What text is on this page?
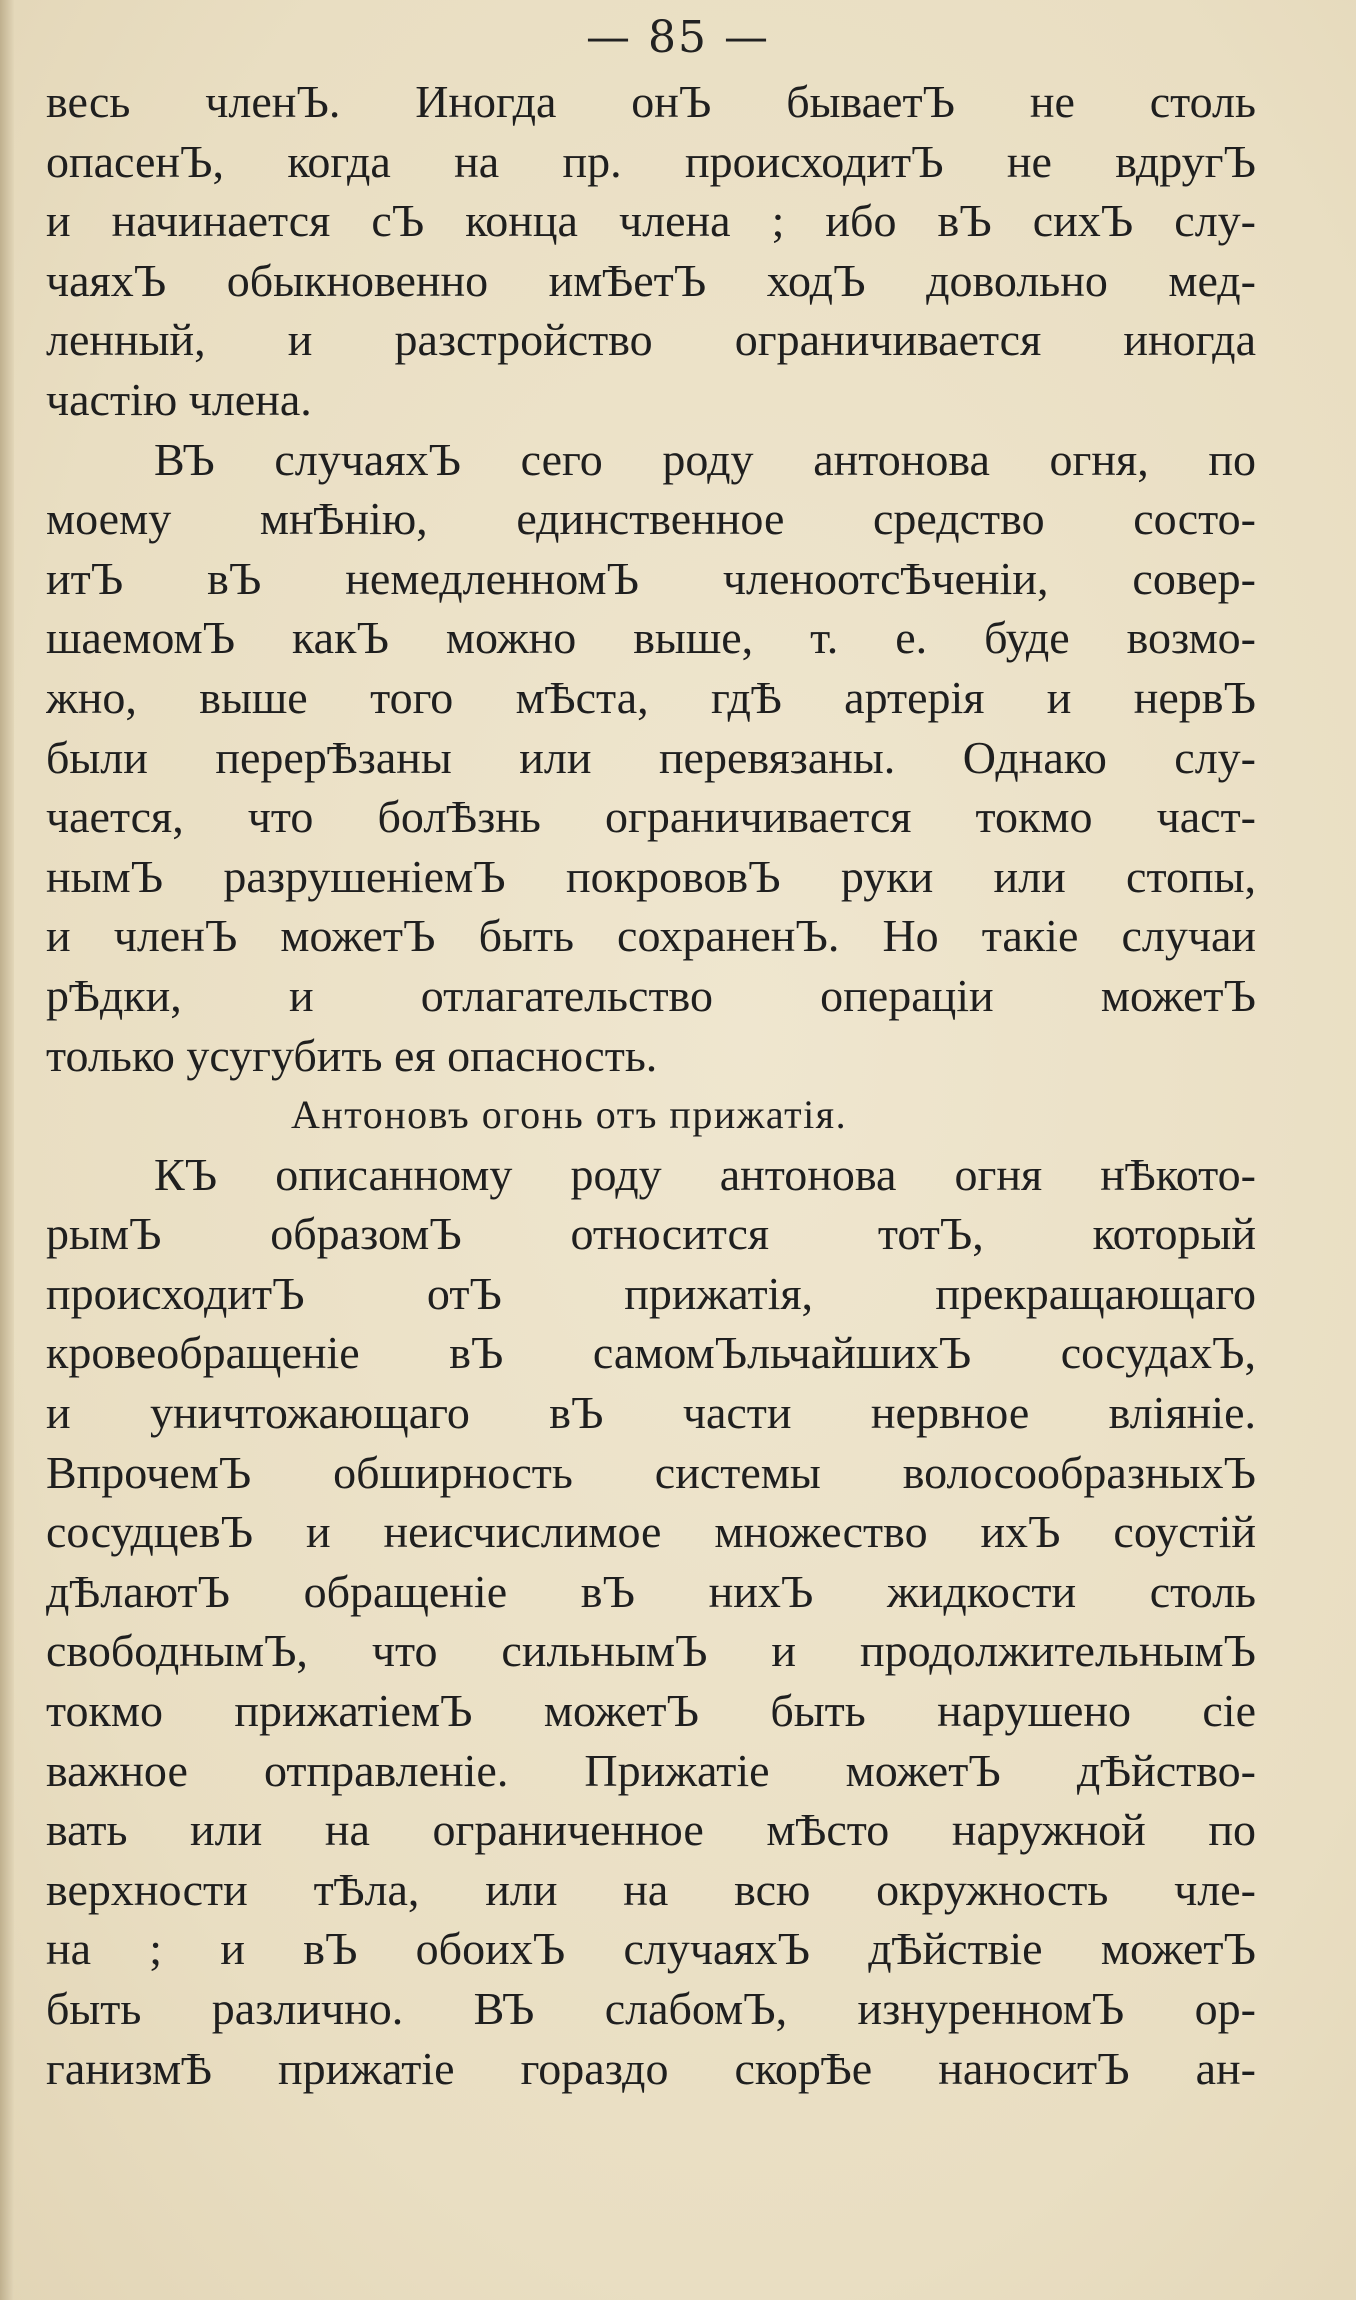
— 85 —
весь членЪ. Иногда онЪ бываетЪ не столь
опасенЪ, когда на пр. происходитЪ не вдругЪ
и начинается сЪ конца члена ; ибо вЪ сихЪ слу-
чаяхЪ обыкновенно имѢетЪ ходЪ довольно мед-
ленный, и разстройство ограничивается иногда
частію члена.
ВЪ случаяхЪ сего роду антонова огня, по
моему мнѢнію, единственное средство состо-
итЪ вЪ немедленномЪ членоотсѢченіи, совер-
шаемомЪ какЪ можно выше, т. е. буде возмо-
жно, выше того мѢста, гдѢ артерія и нервЪ
были перерѢзаны или перевязаны. Однако слу-
чается, что болѢзнь ограничивается токмо част-
нымЪ разрушеніемЪ покрововЪ руки или стопы,
и членЪ можетЪ быть сохраненЪ. Но такіе случаи
рѢдки, и отлагательство операціи можетЪ
только усугубить ея опасность.
Антоновъ огонь отъ прижатія.
КЪ описанному роду антонова огня нѢкото-
рымЪ образомЪ относится тотЪ, который
происходитЪ отЪ прижатія, прекращающаго
кровеобращеніе вЪ самомЪльчайшихЪ сосудахЪ,
и уничтожающаго вЪ части нервное вліяніе.
ВпрочемЪ обширность системы волосообразныхЪ
сосудцевЪ и неисчислимое множество ихЪ соустій
дѢлаютЪ обращеніе вЪ нихЪ жидкости столь
свободнымЪ, что сильнымЪ и продолжительнымЪ
токмо прижатіемЪ можетЪ быть нарушено сіе
важное отправленіе. Прижатіе можетЪ дѢйство-
вать или на ограниченное мѢсто наружной по
верхности тѢла, или на всю окружность чле-
на ; и вЪ обоихЪ случаяхЪ дѢйствіе можетЪ
быть различно. ВЪ слабомЪ, изнуренномЪ ор-
ганизмѢ прижатіе гораздо скорѢе наноситЪ ан-
